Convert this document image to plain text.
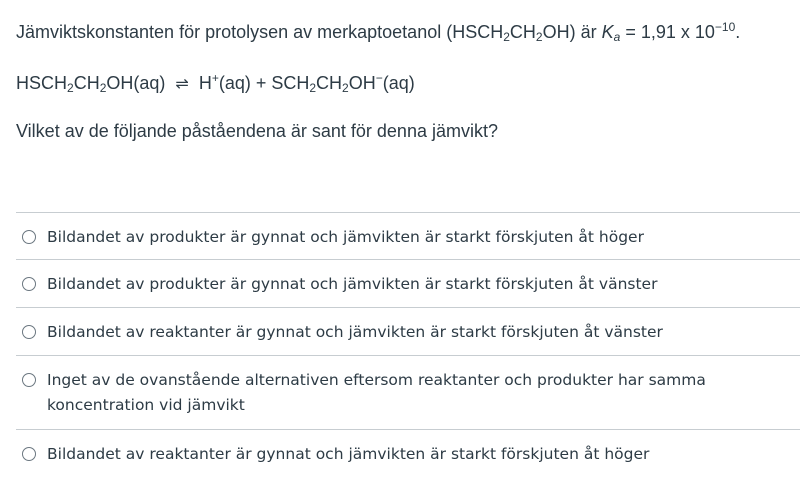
Jämviktskonstanten för protolysen av merkaptoetanol $(HSCH_2CH_2OH)$ är $K_a = 1,91$ x $10^{-10}$.

$HSCH_2CH_2OH(aq)$ ⇌ $H^+(aq) + SCH_2CH_2OH^-(aq)$

Vilket av de följande påståendena är sant för denna jämvikt?

Bildandet av produkter är gynnat och jämvikten är starkt förskjuten åt höger
Bildandet av produkter är gynnat och jämvikten är starkt förskjuten åt vänster
Bildandet av reaktanter är gynnat och jämvikten är starkt förskjuten åt vänster
Inget av de ovanstående alternativen eftersom reaktanter och produkter har samma koncentration vid jämvikt
Bildandet av reaktanter är gynnat och jämvikten är starkt förskjuten åt höger
